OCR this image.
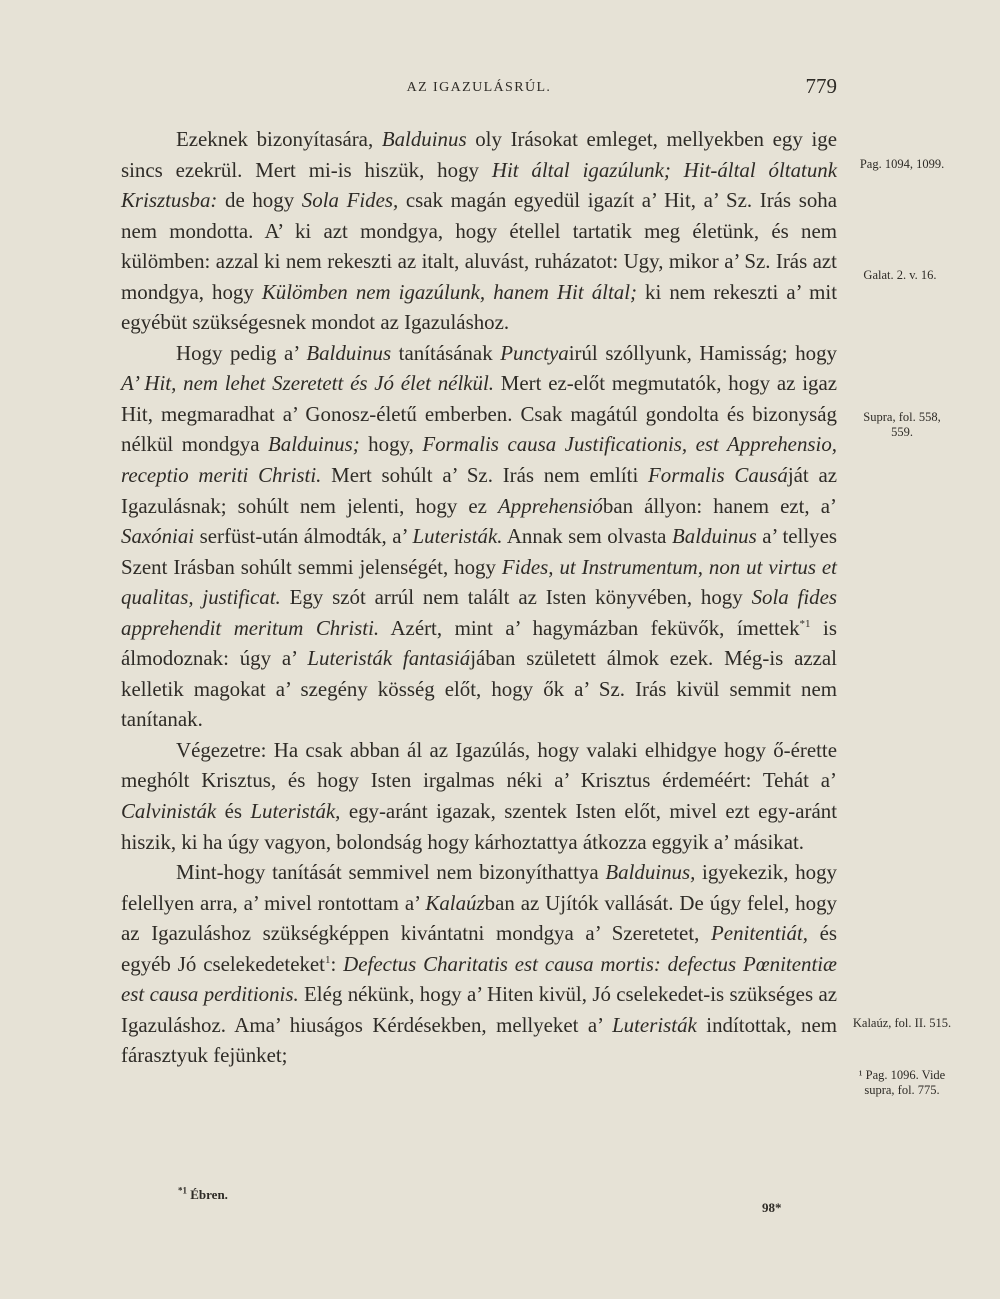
AZ IGAZULÁSRÚL.	779

Ezeknek bizonyítasára, Balduinus oly Irásokat emleget, mellyekben egy ige sincs ezekrül. Mert mi-is hiszük, hogy Hit által igazúlunk; Hit-által óltatunk Krisztusba: de hogy Sola Fides, csak magán egyedül igazít a’ Hit, a’ Sz. Irás soha nem mondotta. A’ ki azt mondgya, hogy étellel tartatik meg életünk, és nem külömben: azzal ki nem rekeszti az italt, aluvást, ruházatot: Ugy, mikor a’ Sz. Irás azt mondgya, hogy Külömben nem igazúlunk, hanem Hit által; ki nem rekeszti a’ mit egyébüt szükségesnek mondot az Igazuláshoz.

Hogy pedig a’ Balduinus tanításának Punctyairúl szóllyunk, Hamisság; hogy A’ Hit, nem lehet Szeretett és Jó élet nélkül. Mert ez-előt megmutatók, hogy az igaz Hit, megmaradhat a’ Gonosz-életű emberben. Csak magátúl gondolta és bizonyság nélkül mondgya Balduinus; hogy, Formalis causa Justificationis, est Apprehensio, receptio meriti Christi. Mert sohúlt a’ Sz. Irás nem említi Formalis Causáját az Igazulásnak; sohúlt nem jelenti, hogy ez Apprehensióban állyon: hanem ezt, a’ Saxóniai serfüst-után álmodták, a’ Luteristák. Annak sem olvasta Balduinus a’ tellyes Szent Irásban sohúlt semmi jelenségét, hogy Fides, ut Instrumentum, non ut virtus et qualitas, justificat. Egy szót arrúl nem talált az Isten könyvében, hogy Sola fides apprehendit meritum Christi. Azért, mint a’ hagymázban feküvők, ímettek$^{*1}$ is álmodoznak: úgy a’ Luteristák fantasiájában született álmok ezek. Még-is azzal kelletik magokat a’ szegény kösség előt, hogy ők a’ Sz. Irás kivül semmit nem tanítanak.

Végezetre: Ha csak abban ál az Igazúlás, hogy valaki elhidgye hogy ő-érette meghólt Krisztus, és hogy Isten irgalmas néki a’ Krisztus érdeméért: Tehát a’ Calvinisták és Luteristák, egy-aránt igazak, szentek Isten előt, mivel ezt egy-aránt hiszik, ki ha úgy vagyon, bolondság hogy kárhoztattya átkozza eggyik a’ másikat.

Mint-hogy tanítását semmivel nem bizonyíthattya Balduinus, igyekezik, hogy felellyen arra, a’ mivel rontottam a’ Kalaúzban az Ujítók vallását. De úgy felel, hogy az Igazuláshoz szükségképpen kivántatni mondgya a’ Szeretetet, Penitentiát, és egyéb Jó cselekedeteket$^1$: Defectus Charitatis est causa mortis: defectus Pœnitentiæ est causa perditionis. Elég nékünk, hogy a’ Hiten kivül, Jó cselekedet-is szükséges az Igazuláshoz. Ama’ hiuságos Kérdésekben, mellyeket a’ Luteristák indítottak, nem fárasztyuk fejünket;

Pag. 1094, 1099.
Galat. 2. v. 16.
Supra, fol. 558, 559.
Kalaúz, fol. II. 515.
¹ Pag. 1096. Vide supra, fol. 775.
$^{*1}$ Ébren.
98*
